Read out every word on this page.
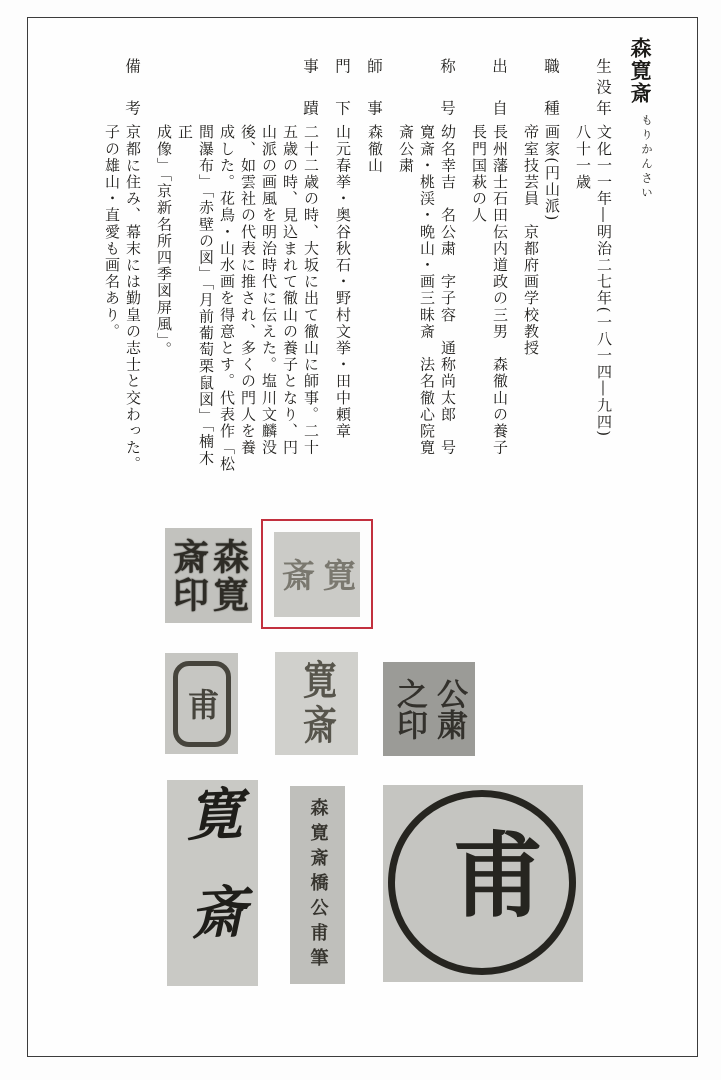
森寛斎
もりかんさい
生没年
文化一一年―明治二七年(一八一四―九四)
八十一歳
職種
画家(円山派)
帝室技芸員　京都府画学校教授
出自
長州藩士石田伝内道政の三男　森徹山の養子
長門国萩の人
称号
幼名幸吉　名公粛　字子容　通称尚太郎　号
寛斎・桃渓・晩山・画三昧斎　法名徹心院寛
斎公粛
師事
森徹山
門下
山元春挙・奥谷秋石・野村文挙・田中頼章
事蹟
二十二歳の時、大坂に出て徹山に師事。二十
五歳の時、見込まれて徹山の養子となり、円
山派の画風を明治時代に伝えた。塩川文麟没
後、如雲社の代表に推され、多くの門人を養
成した。花鳥・山水画を得意とす。代表作「松
間瀑布」「赤壁の図」「月前葡萄栗鼠図」「楠木正
成像」「京新名所四季図屏風」。
備考
京都に住み、幕末には勤皇の志士と交わった。
子の雄山・直愛も画名あり。
森寛斎印	寛斎
甫 寛斎	公粛之印
寛斎	森寛斎橋公甫筆 甫
